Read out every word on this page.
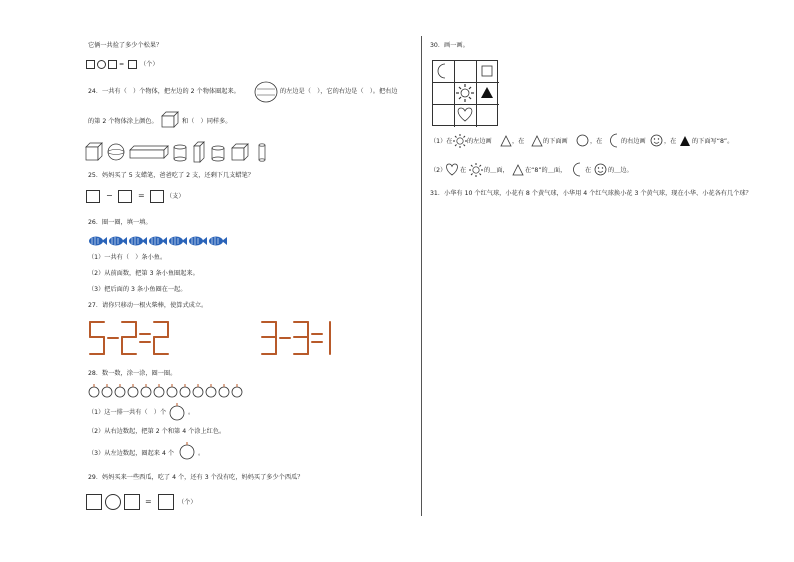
它俩一共捡了多少个松果？
=	（个）
24．一共有（　）个物体，把左边的 2 个物体圈起来。	的左边是（　），它的右边是（　）。把右边
的第 2 个物体涂上颜色。	和（　）同样多。
25．妈妈买了 5 支蜡笔，爸爸吃了 2 支，还剩下几支蜡笔？
−	=	（支）
26．圈一圈，填一填。
（1）一共有（　）条小鱼。
（2）从前面数，把第 3 条小鱼圈起来。
（3）把后面的 3 条小鱼圈在一起。
27．请你只移动一根火柴棒，使算式成立。
28．数一数，涂一涂，圈一圈。
（1）这一排一共有（　）个	。
（2）从右边数起，把第 2 个和第 4 个涂上红色。
（3）从左边数起，圈起来 4 个	。
29．妈妈买来一些西瓜，吃了 4 个，还有 3 个没有吃，妈妈买了多少个西瓜？
=	（个）
30．画一画。
（1）在 的左边画	，在	的下面画	，在	的右边画	，在	的下面写“8”。
（2） 在	的＿面，	在“8”的＿面，	在	的＿边。
31．小华有 10 个红气球，小花有 8 个黄气球，小华用 4 个红气球换小花 3 个黄气球，现在小华、小花各有几个球？
